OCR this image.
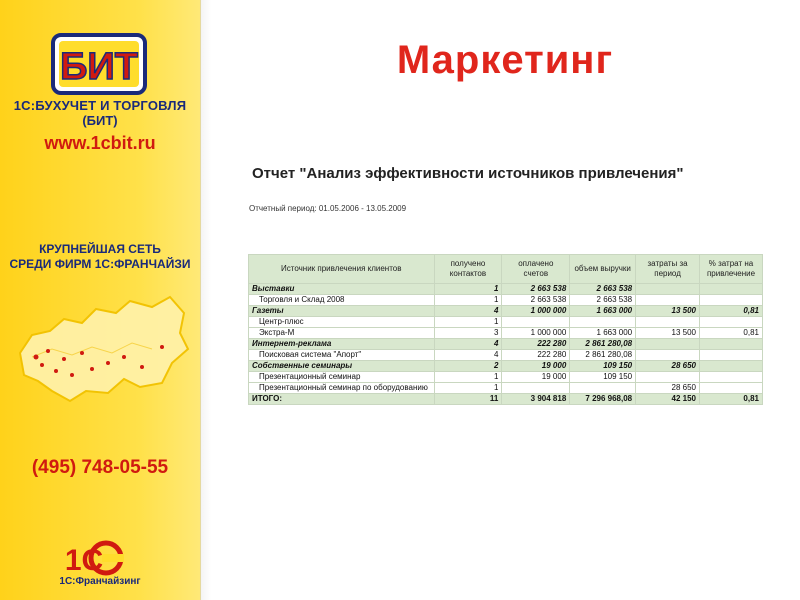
БИТ
1С:БУХУЧЕТ И ТОРГОВЛЯ
(БИТ)
www.1cbit.ru
КРУПНЕЙШАЯ СЕТЬ
СРЕДИ ФИРМ 1С:ФРАНЧАЙЗИ
(495) 748-05-55
1С
1С:Франчайзинг
Маркетинг
Отчет "Анализ эффективности источников привлечения"
Отчетный период: 01.05.2006 - 13.05.2009
Источник привлечения клиентов	получено контактов	оплачено счетов	объем выручки	затраты за период	% затрат на привлечение
Выставки	1	2 663 538	2 663 538		
Торговля и Склад 2008	1	2 663 538	2 663 538		
Газеты	4	1 000 000	1 663 000	13 500	0,81
Центр-плюс	1				
Экстра-М	3	1 000 000	1 663 000	13 500	0,81
Интернет-реклама	4	222 280	2 861 280,08		
Поисковая система "Апорт"	4	222 280	2 861 280,08		
Собственные семинары	2	19 000	109 150	28 650	
Презентационный семинар	1	19 000	109 150		
Презентационный семинар по оборудованию	1			28 650	
ИТОГО:	11	3 904 818	7 296 968,08	42 150	0,81
